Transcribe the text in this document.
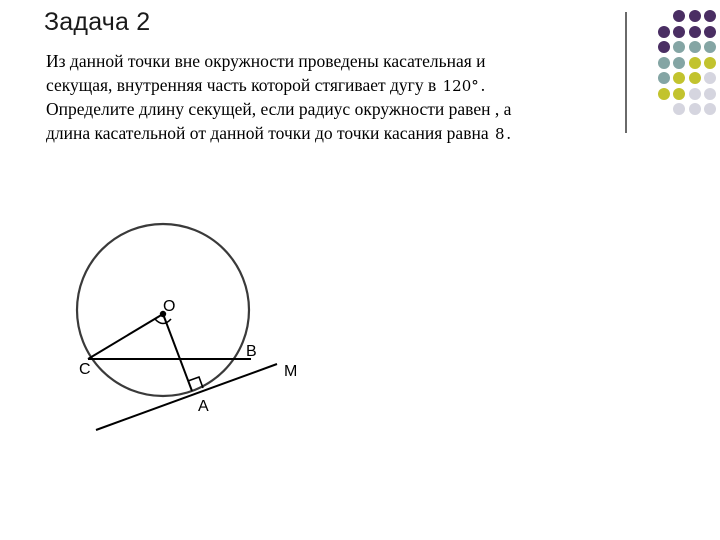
Задача 2
Из данной точки вне окружности проведены касательная и
секущая, внутренняя часть которой стягивает дугу в 120° .
Определите длину секущей, если радиус окружности равен , а
длина касательной от данной точки до точки касания равна 8 .
O
B
C	M
A
